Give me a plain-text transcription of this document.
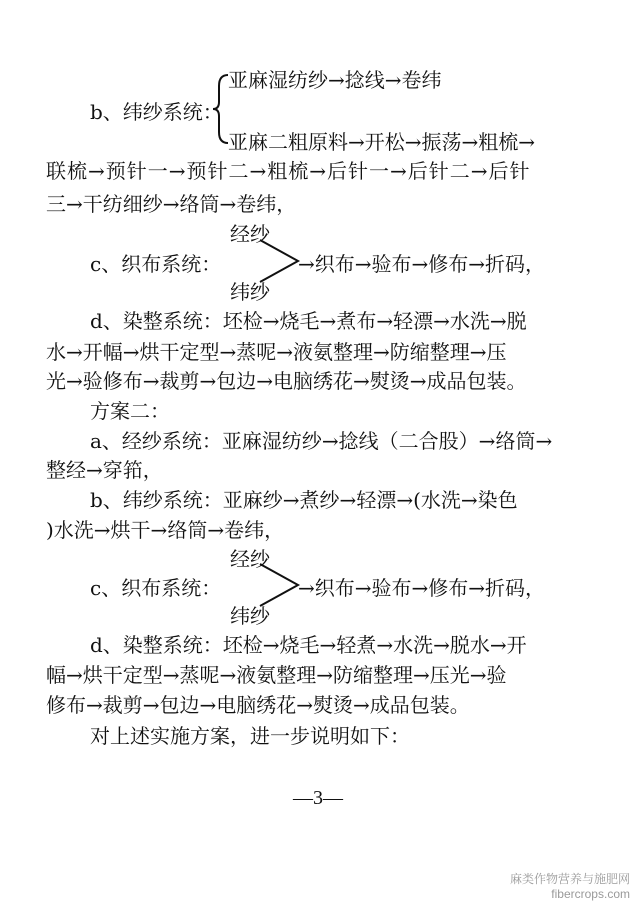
亚麻湿纺纱→捻线→卷纬
b、纬纱系统：
亚麻二粗原料→开松→振荡→粗梳→
联梳→预针一→预针二→粗梳→后针一→后针二→后针
三→干纺细纱→络筒→卷纬，
经纱
c、织布系统：	→织布→验布→修布→折码，
纬纱
d、染整系统：坯检→烧毛→煮布→轻漂→水洗→脱
水→开幅→烘干定型→蒸呢→液氨整理→防缩整理→压
光→验修布→裁剪→包边→电脑绣花→熨烫→成品包装。
方案二：
a、经纱系统：亚麻湿纺纱→捻线（二合股）→络筒→
整经→穿筘，
b、纬纱系统：亚麻纱→煮纱→轻漂→(水洗→染色
)水洗→烘干→络筒→卷纬，
经纱
c、织布系统：	→织布→验布→修布→折码，
纬纱
d、染整系统：坯检→烧毛→轻煮→水洗→脱水→开
幅→烘干定型→蒸呢→液氨整理→防缩整理→压光→验
修布→裁剪→包边→电脑绣花→熨烫→成品包装。
对上述实施方案，进一步说明如下：
—3—
麻类作物营养与施肥网
fibercrops.com
